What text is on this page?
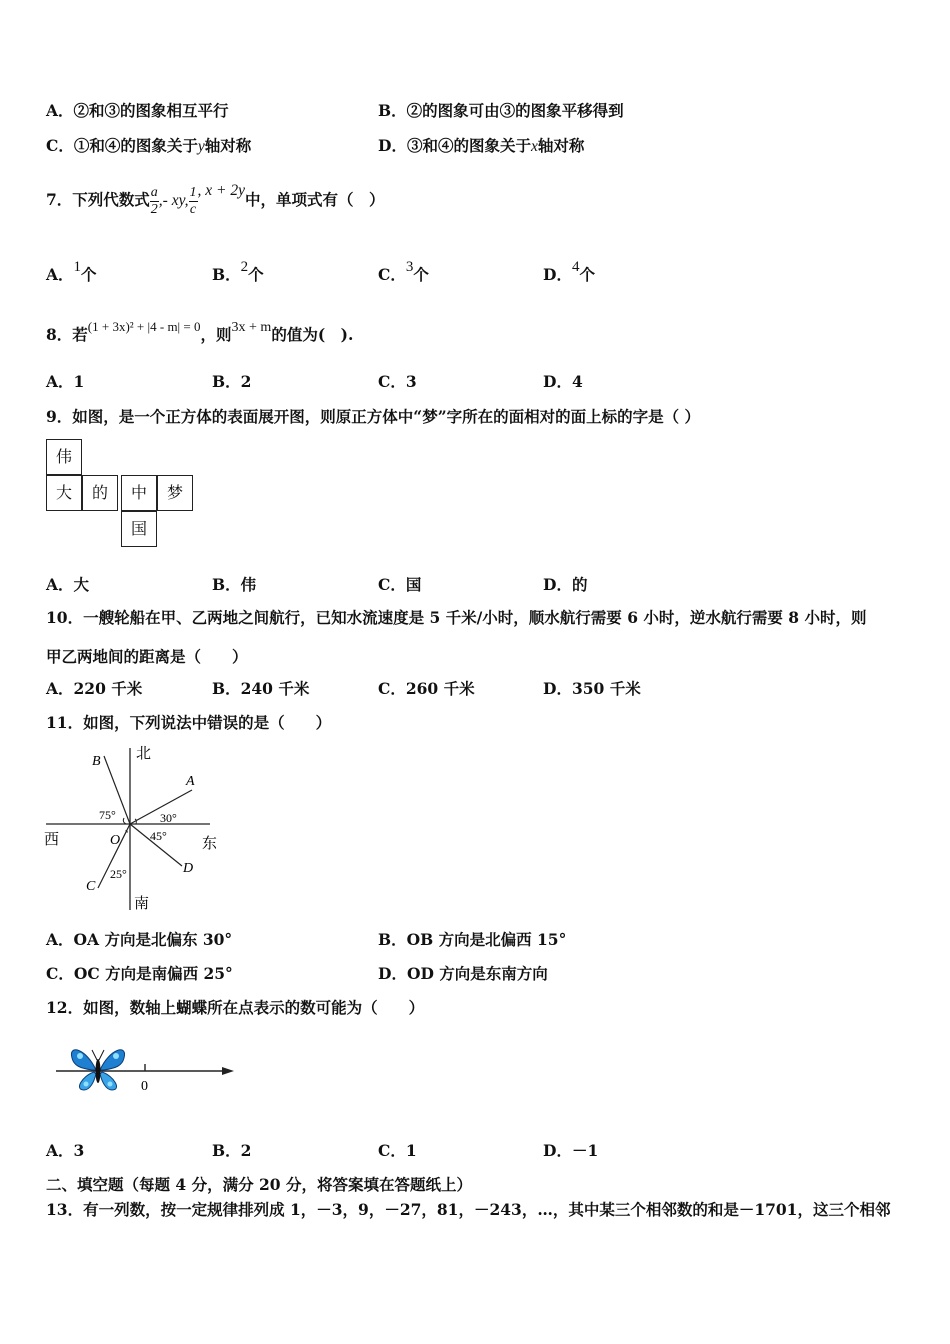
A．②和③的图象相互平行	B．②的图象可由③的图象平移得到
C．①和④的图象关于y轴对称	D．③和④的图象关于x轴对称
7．下列代数式 $\frac{a}{2}$ ,- xy, $\frac{1}{c}$ , x + 2y中，单项式有（　）
A．1个	B．2个	C．3个	D．4个
8．若$^{(1 + 3x)^2 + |4 - m| = 0}$，则3x + m的值为(　).
A．1	B．2	C．3	D．4
9．如图，是一个正方体的表面展开图，则原正方体中“梦”字所在的面相对的面上标的字是（ ）
伟
大	的	中	梦
国
A．大	B．伟	C．国	D．的
10．一艘轮船在甲、乙两地之间航行，已知水流速度是 5 千米/小时，顺水航行需要 6 小时，逆水航行需要 8 小时，则
甲乙两地间的距离是（　　）
A．220 千米	B．240 千米	C．260 千米	D．350 千米
11．如图，下列说法中错误的是（　　）
北
南
西	东
A
B
C
D
O
75°	30°
45°
25°
A．OA 方向是北偏东 30°	B．OB 方向是北偏西 15°
C．OC 方向是南偏西 25°	D．OD 方向是东南方向
12．如图，数轴上蝴蝶所在点表示的数可能为（　　）
0
A．3	B．2	C．1	D．－1
二、填空题（每题 4 分，满分 20 分，将答案填在答题纸上）
13．有一列数，按一定规律排列成 1，－3，9，－27，81，－243，…，其中某三个相邻数的和是－1701，这三个相邻
